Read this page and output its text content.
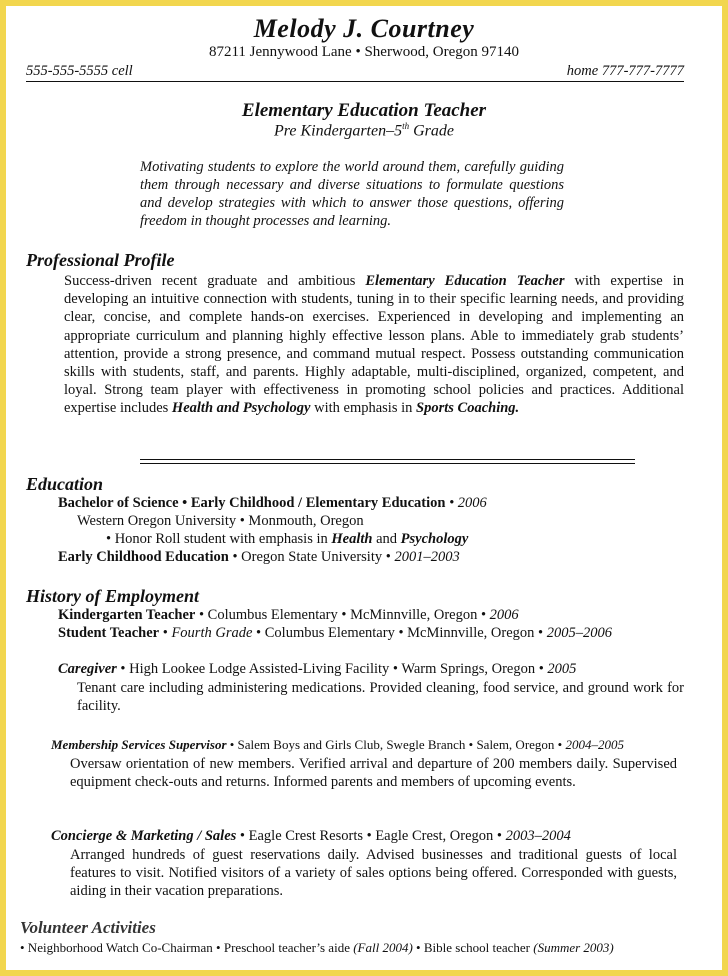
Melody J. Courtney
87211 Jennywood Lane • Sherwood, Oregon 97140
555-555-5555 cell	home 777-777-7777
Elementary Education Teacher
Pre Kindergarten–5th Grade
Motivating students to explore the world around them, carefully guiding them through necessary and diverse situations to formulate questions and develop strategies with which to answer those questions, offering freedom in thought processes and learning.
Professional Profile
Success-driven recent graduate and ambitious Elementary Education Teacher with expertise in developing an intuitive connection with students, tuning in to their specific learning needs, and providing clear, concise, and complete hands-on exercises. Experienced in developing and implementing an appropriate curriculum and planning highly effective lesson plans. Able to immediately grab students’ attention, provide a strong presence, and command mutual respect. Possess outstanding communication skills with students, staff, and parents. Highly adaptable, multi-disciplined, organized, competent, and loyal. Strong team player with effectiveness in promoting school policies and practices. Additional expertise includes Health and Psychology with emphasis in Sports Coaching.
Education
Bachelor of Science • Early Childhood / Elementary Education • 2006
Western Oregon University • Monmouth, Oregon
• Honor Roll student with emphasis in Health and Psychology
Early Childhood Education • Oregon State University • 2001–2003
History of Employment
Kindergarten Teacher • Columbus Elementary • McMinnville, Oregon • 2006
Student Teacher • Fourth Grade • Columbus Elementary • McMinnville, Oregon • 2005–2006
Caregiver • High Lookee Lodge Assisted-Living Facility • Warm Springs, Oregon • 2005
Tenant care including administering medications. Provided cleaning, food service, and ground work for facility.
Membership Services Supervisor • Salem Boys and Girls Club, Swegle Branch • Salem, Oregon • 2004–2005
Oversaw orientation of new members. Verified arrival and departure of 200 members daily. Supervised equipment check-outs and returns. Informed parents and members of upcoming events.
Concierge & Marketing / Sales • Eagle Crest Resorts • Eagle Crest, Oregon • 2003–2004
Arranged hundreds of guest reservations daily. Advised businesses and traditional guests of local features to visit. Notified visitors of a variety of sales options being offered. Corresponded with guests, aiding in their vacation preparations.
Volunteer Activities
• Neighborhood Watch Co-Chairman • Preschool teacher’s aide (Fall 2004) • Bible school teacher (Summer 2003)
